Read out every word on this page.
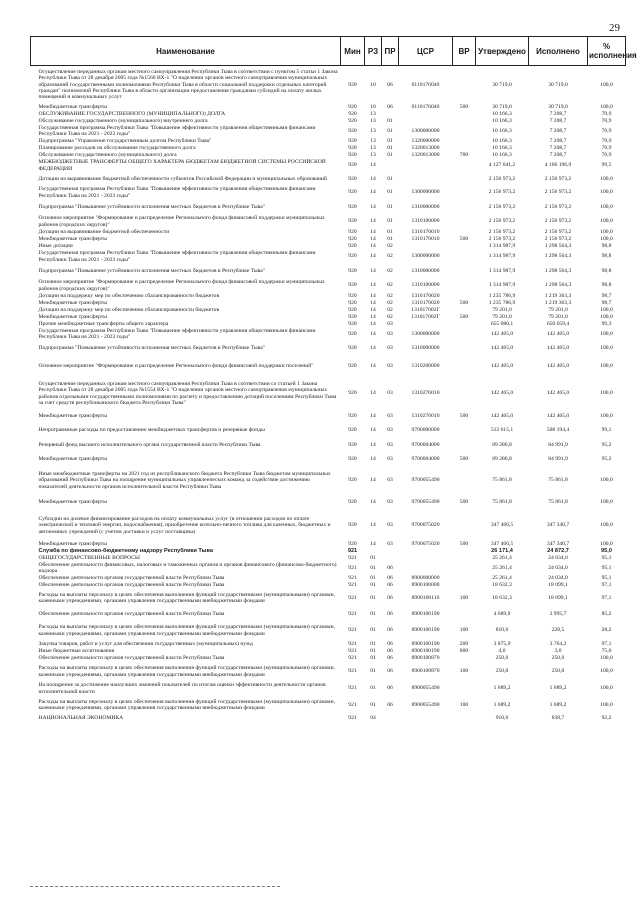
29
Наименование	Мин	РЗ	ПР	ЦСР	ВР	Утверждено	Исполнено	% исполнения
Осуществление переданных органам местного самоуправления Республики Тыва в соответствии с пунктом 5 статьи 1 Закона Республики Тыва от 28 декабря 2005 года №1560 ВХ-1 "О наделении органов местного самоуправления муниципальных образований государственными полномочиями Республики Тыва в области социальной поддержки отдельных категорий граждан" полномочий Республики Тыва в области организации предоставления гражданам субсидий на оплату жилых помещений и коммунальных услуг	920	10	06	0110176040		30 719,0	30 719,0	100,0
Межбюджетные трансферты	920	10	06	0110176040	500	30 719,0	30 719,0	100,0
ОБСЛУЖИВАНИЕ ГОСУДАРСТВЕННОГО (МУНИЦИПАЛЬНОГО) ДОЛГА	920	13				10 166,3	7 208,7	70,9
Обслуживание государственного (муниципального) внутреннего долга	920	13	01			10 166,3	7 208,7	70,9
Государственная программа Республики Тыва "Повышение эффективности управления общественными финансами Республики Тыва на 2021 - 2023 годы"	920	13	01	1300000000		10 166,3	7 208,7	70,9
Подпрограмма "Управление государственным долгом Республики Тыва"	920	13	01	1320000000		10 166,3	7 208,7	70,9
Планирование расходов на обслуживание государственного долга	920	13	01	1320013000		10 166,3	7 208,7	70,9
Обслуживание государственного (муниципального) долга	920	13	01	1320013000	700	10 166,3	7 208,7	70,9
МЕЖБЮДЖЕТНЫЕ ТРАНСФЕРТЫ ОБЩЕГО ХАРАКТЕРА БЮДЖЕТАМ БЮДЖЕТНОЙ СИСТЕМЫ РОССИЙСКОЙ ФЕДЕРАЦИИ	920	14				4 127 041,2	4 106 196,9	99,5
Дотации на выравнивание бюджетной обеспеченности субъектов Российской Федерации и муниципальных образований	920	14	01			2 156 973,2	2 156 973,2	100,0
Государственная программа Республики Тыва "Повышение эффективности управления общественными финансами Республики Тыва на 2021 - 2023 годы"	920	14	01	1300000000		2 156 973,2	2 156 973,2	100,0
Подпрограмма "Повышение устойчивости исполнения местных бюджетов в Республике Тыва"	920	14	01	1310000000		2 156 973,2	2 156 973,2	100,0
Основное мероприятие "Формирование и распределение Регионального фонда финансовой поддержки муниципальных районов (городских округов)"	920	14	01	1310100000		2 156 973,2	2 156 973,2	100,0
Дотации на выравнивание бюджетной обеспеченности	920	14	01	1310170010		2 156 973,2	2 156 973,2	100,0
Межбюджетные трансферты	920	14	01	1310170010	500	2 156 973,2	2 156 973,2	100,0
Иные дотации	920	14	02			1 314 987,9	1 298 564,3	98,8
Государственная программа Республики Тыва "Повышение эффективности управления общественными финансами Республики Тыва на 2021 - 2023 годы"	920	14	02	1300000000		1 314 987,9	1 298 564,3	98,8
Подпрограмма "Повышение устойчивости исполнения местных бюджетов в Республике Тыва"	920	14	02	1310000000		1 314 987,9	1 298 564,3	98,8
Основное мероприятие "Формирование и распределение Регионального фонда финансовой поддержки муниципальных районов (городских округов)"	920	14	02	1310100000		1 314 987,9	1 298 564,3	98,8
Дотации на поддержку мер по обеспечению сбалансированности бюджетов	920	14	02	1310170020		1 235 786,9	1 219 363,3	98,7
Межбюджетные трансферты	920	14	02	1310170020	500	1 235 786,9	1 219 363,3	98,7
Дотации на поддержку мер по обеспечению сбалансированности бюджетов	920	14	02	131017002Г		79 201,0	79 201,0	100,0
Межбюджетные трансферты	920	14	02	131017002Г	500	79 201,0	79 201,0	100,0
Прочие межбюджетные трансферты общего характера	920	14	03			655 080,1	650 659,4	99,3
Государственная программа Республики Тыва "Повышение эффективности управления общественными финансами Республики Тыва на 2021 - 2023 годы"	920	14	03	1300000000		142 465,0	142 465,0	100,0
Подпрограмма "Повышение устойчивости исполнения местных бюджетов в Республике Тыва"	920	14	03	1310000000		142 465,0	142 465,0	100,0
Основное мероприятие "Формирование и распределение Регионального фонда финансовой поддержки поселений"	920	14	03	1310200000		142 465,0	142 465,0	100,0
Осуществление переданных органам местного самоуправления Республики Тыва в соответствии со статьей 1 Закона Республики Тыва от 28 декабря 2005 года №1554 ВХ-1 "О наделении органов местного самоуправления муниципальных районов отдельными государственными полномочиями по расчету и предоставлению дотаций поселениям Республики Тыва за счет средств республиканского бюджета Республики Тыва"	920	14	03	1310276010		142 465,0	142 465,0	100,0
Межбюджетные трансферты	920	14	03	1310276010	500	142 465,0	142 465,0	100,0
Непрограммные расходы по предоставлению межбюджетных трансфертов и резервные фонды	920	14	03	9700000000		512 615,1	508 194,4	99,1
Резервный фонд высшего исполнительного органа государственной власти Республики Тыва	920	14	03	9700004000		89 286,8	84 991,9	95,2
Межбюджетные трансферты	920	14	03	9700004000	500	89 286,8	84 991,9	95,2
Иные межбюджетные трансферты на 2021 год из республиканского бюджета Республики Тыва бюджетам муниципальных образований Республики Тыва на поощрение муниципальных управленческих команд за содействие достижению показателей деятельности органов исполнительной власти Республики Тыва	920	14	03	9700055490		75 861,8	75 861,8	100,0
Межбюджетные трансферты	920	14	03	9700055490	500	75 861,8	75 861,8	100,0
Субсидии на долевое финансирование расходов на оплату коммунальных услуг (в отношении расходов по оплате электрической и тепловой энергии, водоснабжения), приобретение котельно-печного топлива для казенных, бюджетных и автономных учреждений (с учетом доставки и услуг поставщика)	920	14	03	9700075020		347 466,5	347 340,7	100,0
Межбюджетные трансферты	920	14	03	9700075020	500	347 466,5	347 340,7	100,0
Служба по финансово-бюджетному надзору Республики Тыва	921					26 171,4	24 872,7	95,0
ОБЩЕГОСУДАРСТВЕННЫЕ ВОПРОСЫ	921	01				25 261,4	24 034,0	95,1
Обеспечение деятельности финансовых, налоговых и таможенных органов и органов финансового (финансово-бюджетного) надзора	921	01	06			25 261,4	24 034,0	95,1
Обеспечение деятельности органов государственной власти Республики Тыва	921	01	06	8900000000		25 261,4	24 034,0	95,1
Обеспечение деятельности органов государственной власти Республики Тыва	921	01	06	8900100000		18 632,3	18 099,1	97,1
Расходы на выплаты персоналу в целях обеспечения выполнения функций государственными (муниципальными) органами, казенными учреждениями, органами управления государственными внебюджетными фондами	921	01	06	8900100110	100	18 632,3	18 099,1	97,1
Обеспечение деятельности органов государственной власти Республики Тыва	921	01	06	8900100190		4 689,9	3 995,7	85,2
Расходы на выплаты персоналу в целях обеспечения выполнения функций государственными (муниципальными) органами, казенными учреждениями, органами управления государственными внебюджетными фондами	921	01	06	8900100190	100	810,0	228,5	28,2
Закупка товаров, работ и услуг для обеспечения государственных (муниципальных) нужд	921	01	06	8900100190	200	3 875,9	3 764,2	97,1
Иные бюджетные ассигнования	921	01	06	8900100190	800	4,0	3,0	75,0
Обеспечение деятельности органов государственной власти Республики Тыва	921	01	06	8900100870		250,0	250,0	100,0
Расходы на выплаты персоналу в целях обеспечения выполнения функций государственными (муниципальными) органами, казенными учреждениями, органами управления государственными внебюджетными фондами	921	01	06	8900100870	100	250,0	250,0	100,0
На поощрение за достижение наилучших значений показателей по итогам оценки эффективности деятельности органов исполнительной власти	921	01	06	8900055490		1 689,2	1 689,2	100,0
Расходы на выплаты персоналу в целях обеспечения выполнения функций государственными (муниципальными) органами, казенными учреждениями, органами управления государственными внебюджетными фондами	921	01	06	8900055490	100	1 689,2	1 689,2	100,0
НАЦИОНАЛЬНАЯ ЭКОНОМИКА	921	04				910,0	838,7	92,2
